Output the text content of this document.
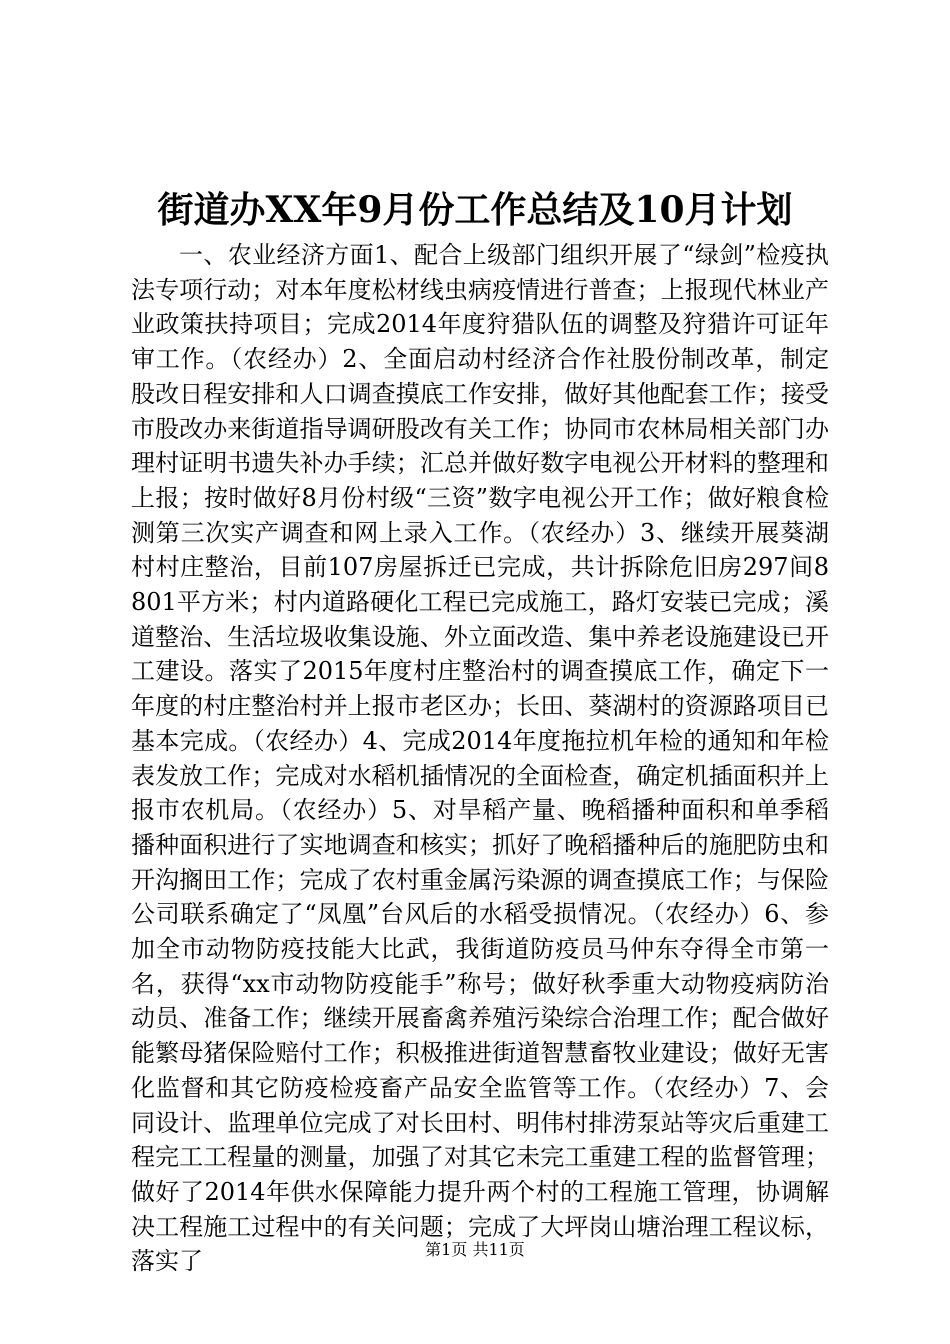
街道办XX年9月份工作总结及10月计划

一、农业经济方面1、配合上级部门组织开展了“绿剑”检疫执法专项行动；对本年度松材线虫病疫情进行普查；上报现代林业产业政策扶持项目；完成2014年度狩猎队伍的调整及狩猎许可证年审工作。（农经办）2、全面启动村经济合作社股份制改革，制定股改日程安排和人口调查摸底工作安排，做好其他配套工作；接受市股改办来街道指导调研股改有关工作；协同市农林局相关部门办理村证明书遗失补办手续；汇总并做好数字电视公开材料的整理和上报；按时做好8月份村级“三资”数字电视公开工作；做好粮食检测第三次实产调查和网上录入工作。（农经办）3、继续开展葵湖村村庄整治，目前107房屋拆迁已完成，共计拆除危旧房297间8801平方米；村内道路硬化工程已完成施工，路灯安装已完成；溪道整治、生活垃圾收集设施、外立面改造、集中养老设施建设已开工建设。落实了2015年度村庄整治村的调查摸底工作，确定下一年度的村庄整治村并上报市老区办；长田、葵湖村的资源路项目已基本完成。（农经办）4、完成2014年度拖拉机年检的通知和年检表发放工作；完成对水稻机插情况的全面检查，确定机插面积并上报市农机局。（农经办）5、对旱稻产量、晚稻播种面积和单季稻播种面积进行了实地调查和核实；抓好了晚稻播种后的施肥防虫和开沟搁田工作；完成了农村重金属污染源的调查摸底工作；与保险公司联系确定了“凤凰”台风后的水稻受损情况。（农经办）6、参加全市动物防疫技能大比武，我街道防疫员马仲东夺得全市第一名，获得“xx市动物防疫能手”称号；做好秋季重大动物疫病防治动员、准备工作；继续开展畜禽养殖污染综合治理工作；配合做好能繁母猪保险赔付工作；积极推进街道智慧畜牧业建设；做好无害化监督和其它防疫检疫畜产品安全监管等工作。（农经办）7、会同设计、监理单位完成了对长田村、明伟村排涝泵站等灾后重建工程完工工程量的测量，加强了对其它未完工重建工程的监督管理；做好了2014年供水保障能力提升两个村的工程施工管理，协调解决工程施工过程中的有关问题；完成了大坪岗山塘治理工程议标，落实了	第1页 共11页
